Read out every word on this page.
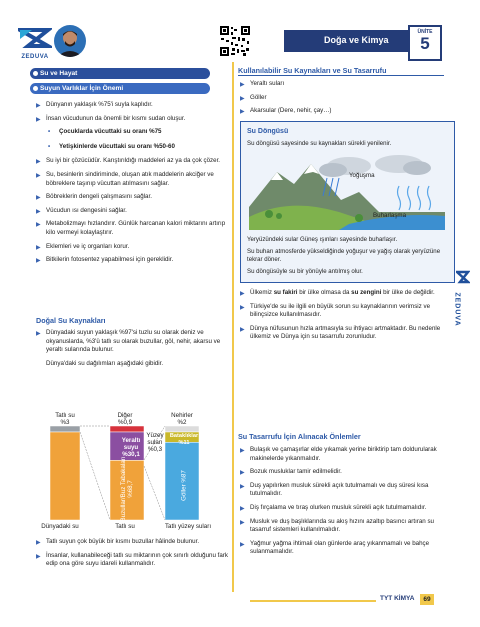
ZEDUVA
Doğa ve Kimya
ÜNİTE
5
Su ve Hayat
Suyun Varlıklar İçin Önemi
▶ Dünyanın yaklaşık %75'i suyla kaplıdır.
▶ İnsan vücudunun da önemli bir kısmı sudan oluşur.
• Çocuklarda vücuttaki su oranı %75
• Yetişkinlerde vücuttaki su oranı %50-60
▶ Su iyi bir çözücüdür. Karıştırıldığı maddeleri az ya da çok çözer.
▶ Su, besinlerin sindiriminde, oluşan atık maddelerin akciğer ve böbreklere taşınıp vücuttan atılmasını sağlar.
▶ Böbreklerin dengeli çalışmasını sağlar.
▶ Vücudun ısı dengesini sağlar.
▶ Metabolizmayı hızlandırır. Günlük harcanan kalori miktarını artırıp kilo vermeyi kolaylaştırır.
▶ Eklemleri ve iç organları korur.
▶ Bitkilerin fotosentez yapabilmesi için gereklidir.
Doğal Su Kaynakları
▶ Dünyadaki suyun yaklaşık %97'si tuzlu su olarak deniz ve okyanuslarda, %3'ü tatlı su olarak buzullar, göl, nehir, akarsu ve yeraltı sularında bulunur.
Dünya'daki su dağılımları aşağıdaki gibidir.
Tatlı su
%3
Diğer
%0,9
Nehirler
%2
Yüzey suları
%0,3
Yeraltı suyu
%30,1
Bataklıklar
%11
Tuzlu su %97	Buzullar/Buz Tabakaları %68,7	Göller %87
Dünyadaki su	Tatlı su	Tatlı yüzey suları
▶ Tatlı suyun çok büyük bir kısmı buzullar hâlinde bulunur.
▶ İnsanlar, kullanabileceği tatlı su miktarının çok sınırlı olduğunu fark edip ona göre suyu idareli kullanmalıdır.
Kullanılabilir Su Kaynakları ve Su Tasarrufu
▶ Yeraltı suları
▶ Göller
▶ Akarsular (Dere, nehir, çay…)
Su Döngüsü
Su döngüsü sayesinde su kaynakları sürekli yenilenir.
Yoğuşma
Buharlaşma
Yeryüzündeki sular Güneş ışınları sayesinde buharlaşır.
Su buharı atmosferde yükseldiğinde yoğuşur ve yağış olarak yeryüzüne tekrar döner.
Su döngüsüyle su bir yönüyle antılmış olur.
▶ Ülkemiz su fakiri bir ülke olmasa da su zengini bir ülke de değildir.
▶ Türkiye'de su ile ilgili en büyük sorun su kaynaklarının verimsiz ve bilinçsizce kullanılmasıdır.
▶ Dünya nüfusunun hızla artmasıyla su ihtiyacı artmaktadır. Bu nedenle ülkemiz ve Dünya için su tasarrufu zorunludur.
Su Tasarrufu İçin Alınacak Önlemler
▶ Bulaşık ve çamaşırlar elde yıkamak yerine biriktirip tam doldurularak makinelerde yıkanmalıdır.
▶ Bozuk musluklar tamir edilmelidir.
▶ Duş yapılırken musluk sürekli açık tutulmamalı ve duş süresi kısa tutulmalıdır.
▶ Diş fırçalama ve tıraş olurken musluk sürekli açık tutulmamalıdır.
▶ Musluk ve duş başlıklarında su akış hızını azaltıp basıncı artıran su tasarruf sistemleri kullanılmalıdır.
▶ Yağmur yağma ihtimali olan günlerde araç yıkanmamalı ve bahçe sulanmamalıdır.
ZEDUVA
TYT KİMYA	69
